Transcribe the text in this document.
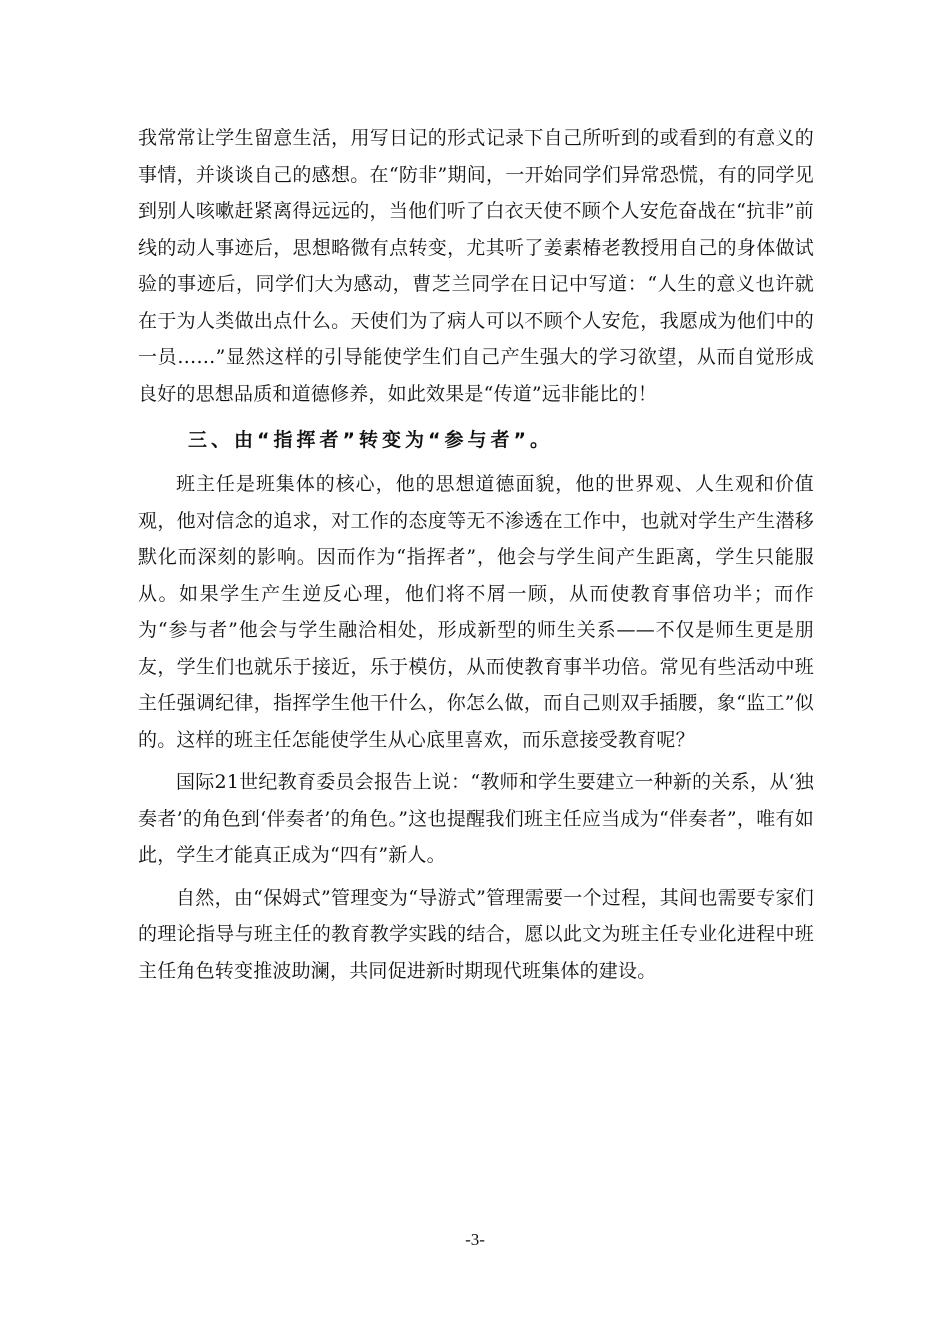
我常常让学生留意生活，用写日记的形式记录下自己所听到的或看到的有意义的事情，并谈谈自己的感想。在“防非”期间，一开始同学们异常恐慌，有的同学见到别人咳嗽赶紧离得远远的，当他们听了白衣天使不顾个人安危奋战在“抗非”前线的动人事迹后，思想略微有点转变，尤其听了姜素椿老教授用自己的身体做试验的事迹后，同学们大为感动，曹芝兰同学在日记中写道：“人生的意义也许就在于为人类做出点什么。天使们为了病人可以不顾个人安危，我愿成为他们中的一员……”显然这样的引导能使学生们自己产生强大的学习欲望，从而自觉形成良好的思想品质和道德修养，如此效果是“传道”远非能比的！

三、由“指挥者”转变为“参与者”。

班主任是班集体的核心，他的思想道德面貌，他的世界观、人生观和价值观，他对信念的追求，对工作的态度等无不渗透在工作中，也就对学生产生潜移默化而深刻的影响。因而作为“指挥者”，他会与学生间产生距离，学生只能服从。如果学生产生逆反心理，他们将不屑一顾，从而使教育事倍功半；而作为“参与者”他会与学生融洽相处，形成新型的师生关系——不仅是师生更是朋友，学生们也就乐于接近，乐于模仿，从而使教育事半功倍。常见有些活动中班主任强调纪律，指挥学生他干什么，你怎么做，而自己则双手插腰，象“监工”似的。这样的班主任怎能使学生从心底里喜欢，而乐意接受教育呢？

国际21世纪教育委员会报告上说：“教师和学生要建立一种新的关系，从‘独奏者’的角色到‘伴奏者’的角色。”这也提醒我们班主任应当成为“伴奏者”，唯有如此，学生才能真正成为“四有”新人。

自然，由“保姆式”管理变为“导游式”管理需要一个过程，其间也需要专家们的理论指导与班主任的教育教学实践的结合，愿以此文为班主任专业化进程中班主任角色转变推波助澜，共同促进新时期现代班集体的建设。

-3-
